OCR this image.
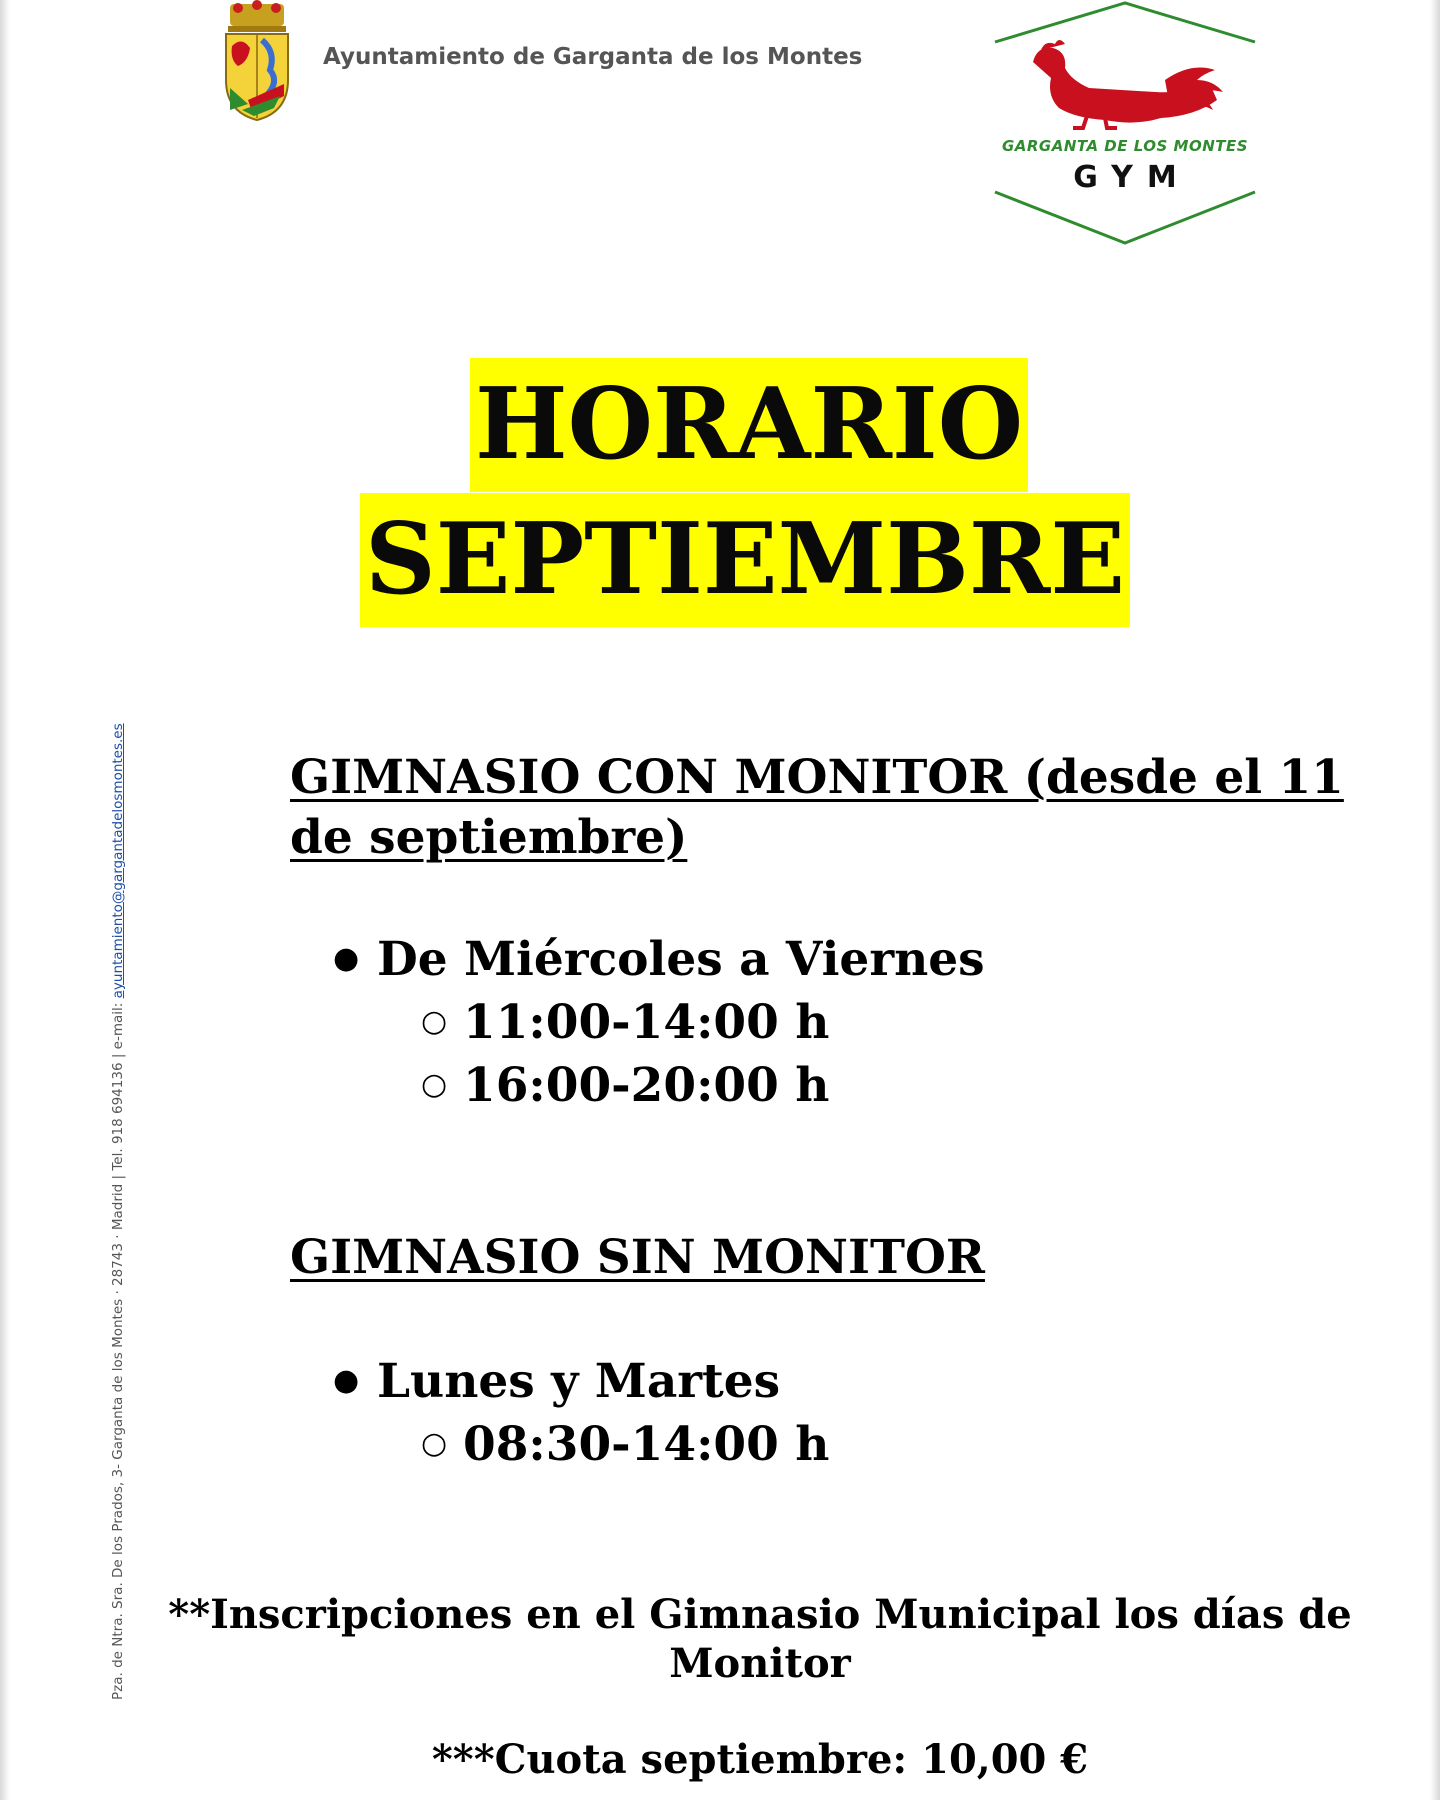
Ayuntamiento de Garganta de los Montes
GARGANTA DE LOS MONTES
GYM
Pza. de Ntra. Sra. De los Prados, 3- Garganta de los Montes · 28743 · Madrid | Tel. 918 694136 | e-mail: ayuntamiento@gargantadelosmontes.es
HORARIO
SEPTIEMBRE
GIMNASIO CON MONITOR (desde el 11 de septiembre)
● De Miércoles a Viernes
○ 11:00-14:00 h
○ 16:00-20:00 h
GIMNASIO SIN MONITOR
● Lunes y Martes
○ 08:30-14:00 h
**Inscripciones en el Gimnasio Municipal los días de Monitor
***Cuota septiembre: 10,00 €
